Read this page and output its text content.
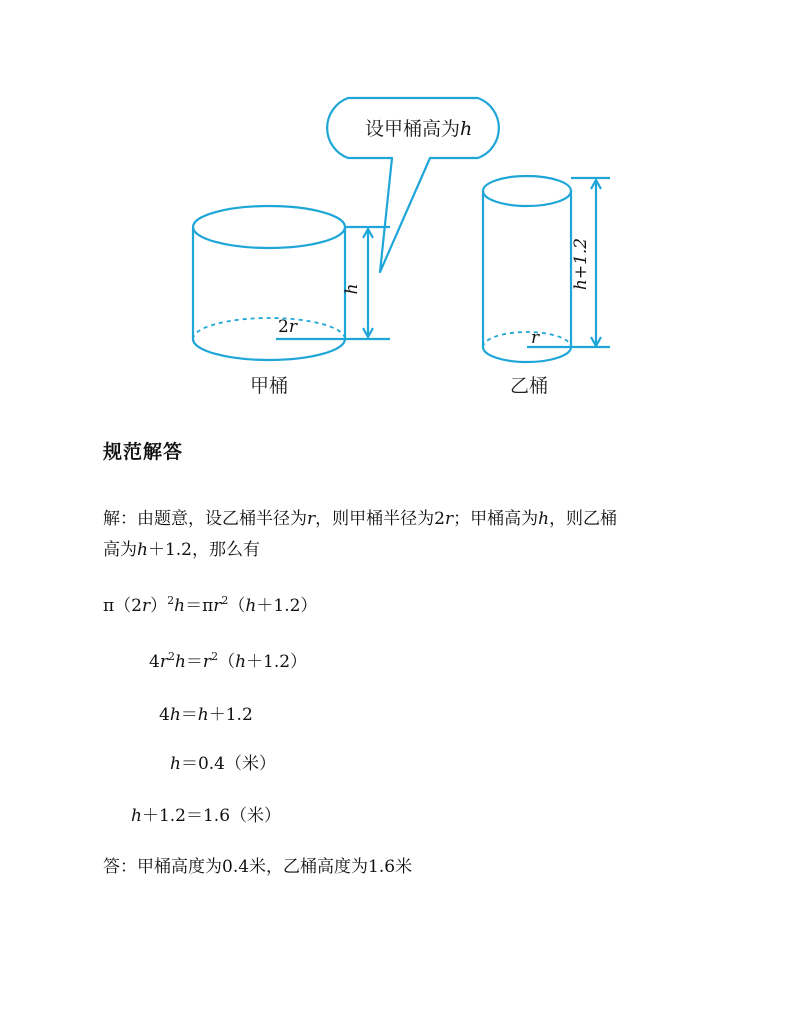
设甲桶高为h
h
2r
甲桶
h+1.2
r
乙桶
规范解答
解：由题意，设乙桶半径为r，则甲桶半径为2r；甲桶高为h，则乙桶
高为h＋1.2，那么有
$\pi(2r)^2h=\pi r^2(h+1.2)$
$4r^2h=r^2(h+1.2)$
4h＝h＋1.2
h＝0.4（米）
h＋1.2＝1.6（米）
答：甲桶高度为0.4米，乙桶高度为1.6米
